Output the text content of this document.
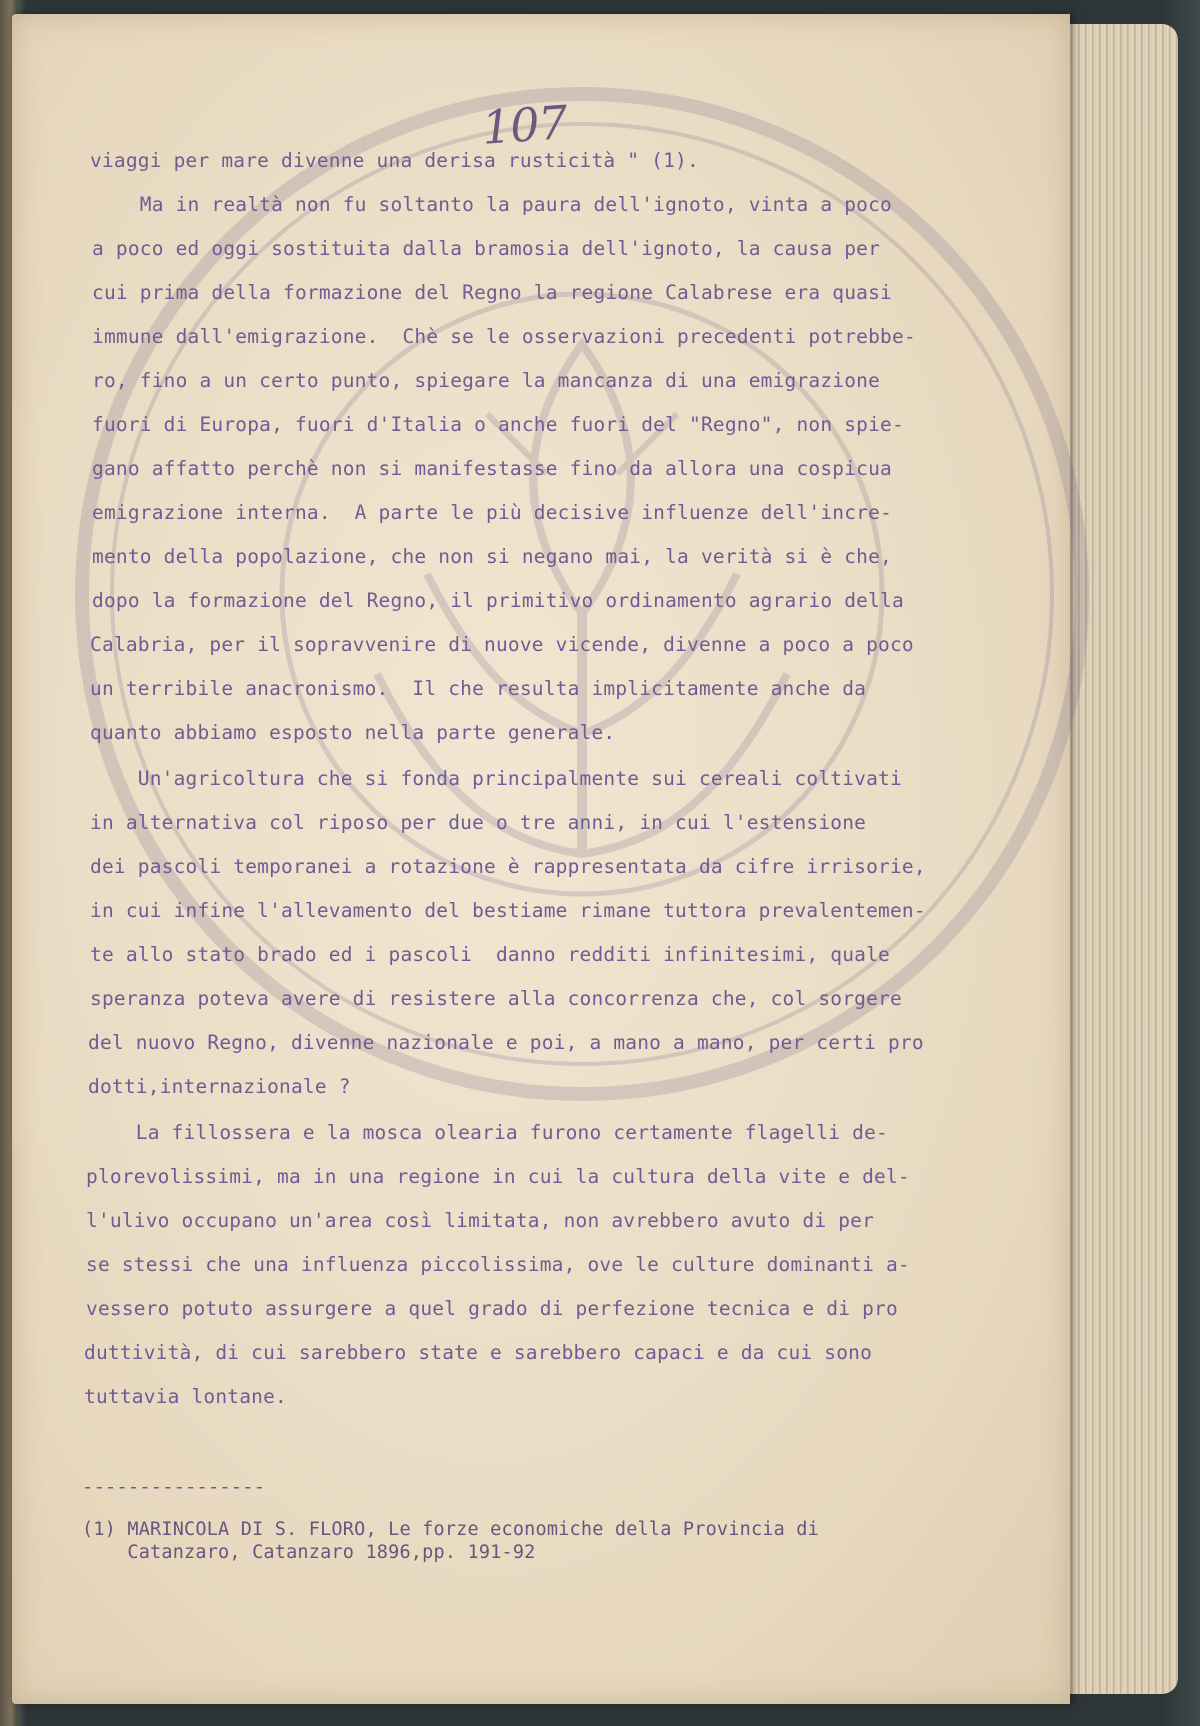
107

viaggi per mare divenne una derisa rusticità " (1).

Ma in realtà non fu soltanto la paura dell'ignoto, vinta a poco

a poco ed oggi sostituita dalla bramosia dell'ignoto, la causa per

cui prima della formazione del Regno la regione Calabrese era quasi

immune dall'emigrazione.  Chè se le osservazioni precedenti potrebbe-

ro, fino a un certo punto, spiegare la mancanza di una emigrazione

fuori di Europa, fuori d'Italia o anche fuori del "Regno", non spie-

gano affatto perchè non si manifestasse fino da allora una cospicua

emigrazione interna.  A parte le più decisive influenze dell'incre-

mento della popolazione, che non si negano mai, la verità si è che,

dopo la formazione del Regno, il primitivo ordinamento agrario della

Calabria, per il sopravvenire di nuove vicende, divenne a poco a poco

un terribile anacronismo.  Il che resulta implicitamente anche da

quanto abbiamo esposto nella parte generale.

Un'agricoltura che si fonda principalmente sui cereali coltivati

in alternativa col riposo per due o tre anni, in cui l'estensione

dei pascoli temporanei a rotazione è rappresentata da cifre irrisorie,

in cui infine l'allevamento del bestiame rimane tuttora prevalentemen-

te allo stato brado ed i pascoli  danno redditi infinitesimi, quale

speranza poteva avere di resistere alla concorrenza che, col sorgere

del nuovo Regno, divenne nazionale e poi, a mano a mano, per certi pro

dotti,internazionale ?

La fillossera e la mosca olearia furono certamente flagelli de-

plorevolissimi, ma in una regione in cui la cultura della vite e del-

l'ulivo occupano un'area così limitata, non avrebbero avuto di per

se stessi che una influenza piccolissima, ove le culture dominanti a-

vessero potuto assurgere a quel grado di perfezione tecnica e di pro

duttività, di cui sarebbero state e sarebbero capaci e da cui sono

tuttavia lontane.

----------------

(1) MARINCOLA DI S. FLORO, Le forze economiche della Provincia di

Catanzaro, Catanzaro 1896,pp. 191-92
